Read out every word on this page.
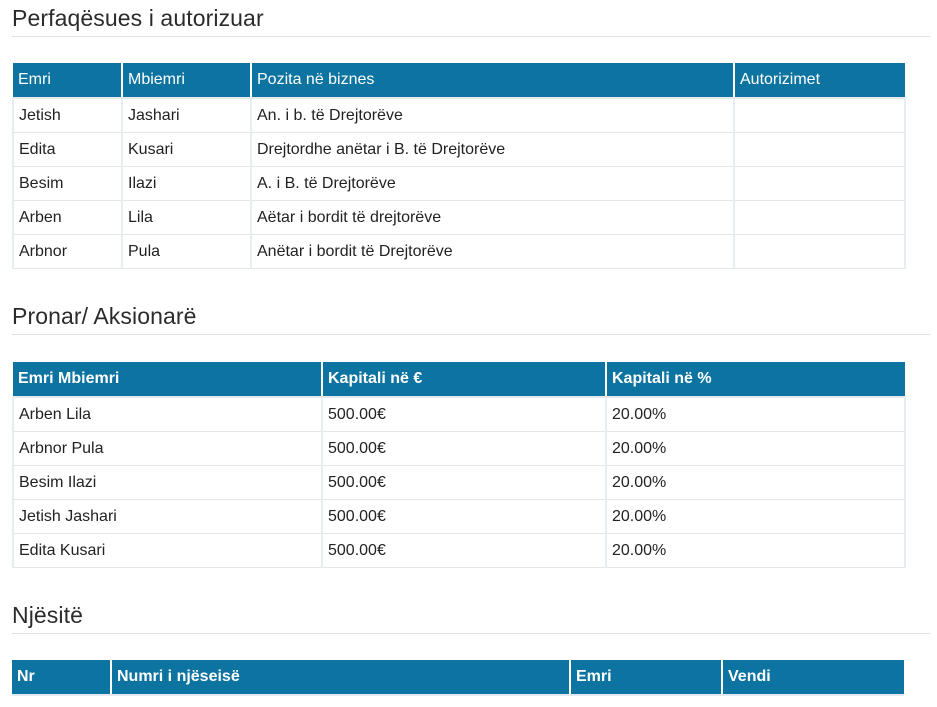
Perfaqësues i autorizuar
Emri	Mbiemri	Pozita në biznes	Autorizimet
Jetish	Jashari	An. i b. të Drejtorëve	
Edita	Kusari	Drejtordhe anëtar i B. të Drejtorëve	
Besim	Ilazi	A. i B. të Drejtorëve	
Arben	Lila	Aëtar i bordit të drejtorëve	
Arbnor	Pula	Anëtar i bordit të Drejtorëve	
Pronar/ Aksionarë
Emri Mbiemri	Kapitali në €	Kapitali në %
Arben Lila	500.00€	20.00%
Arbnor Pula	500.00€	20.00%
Besim Ilazi	500.00€	20.00%
Jetish Jashari	500.00€	20.00%
Edita Kusari	500.00€	20.00%
Njësitë
Nr	Numri i njëseisë	Emri	Vendi
